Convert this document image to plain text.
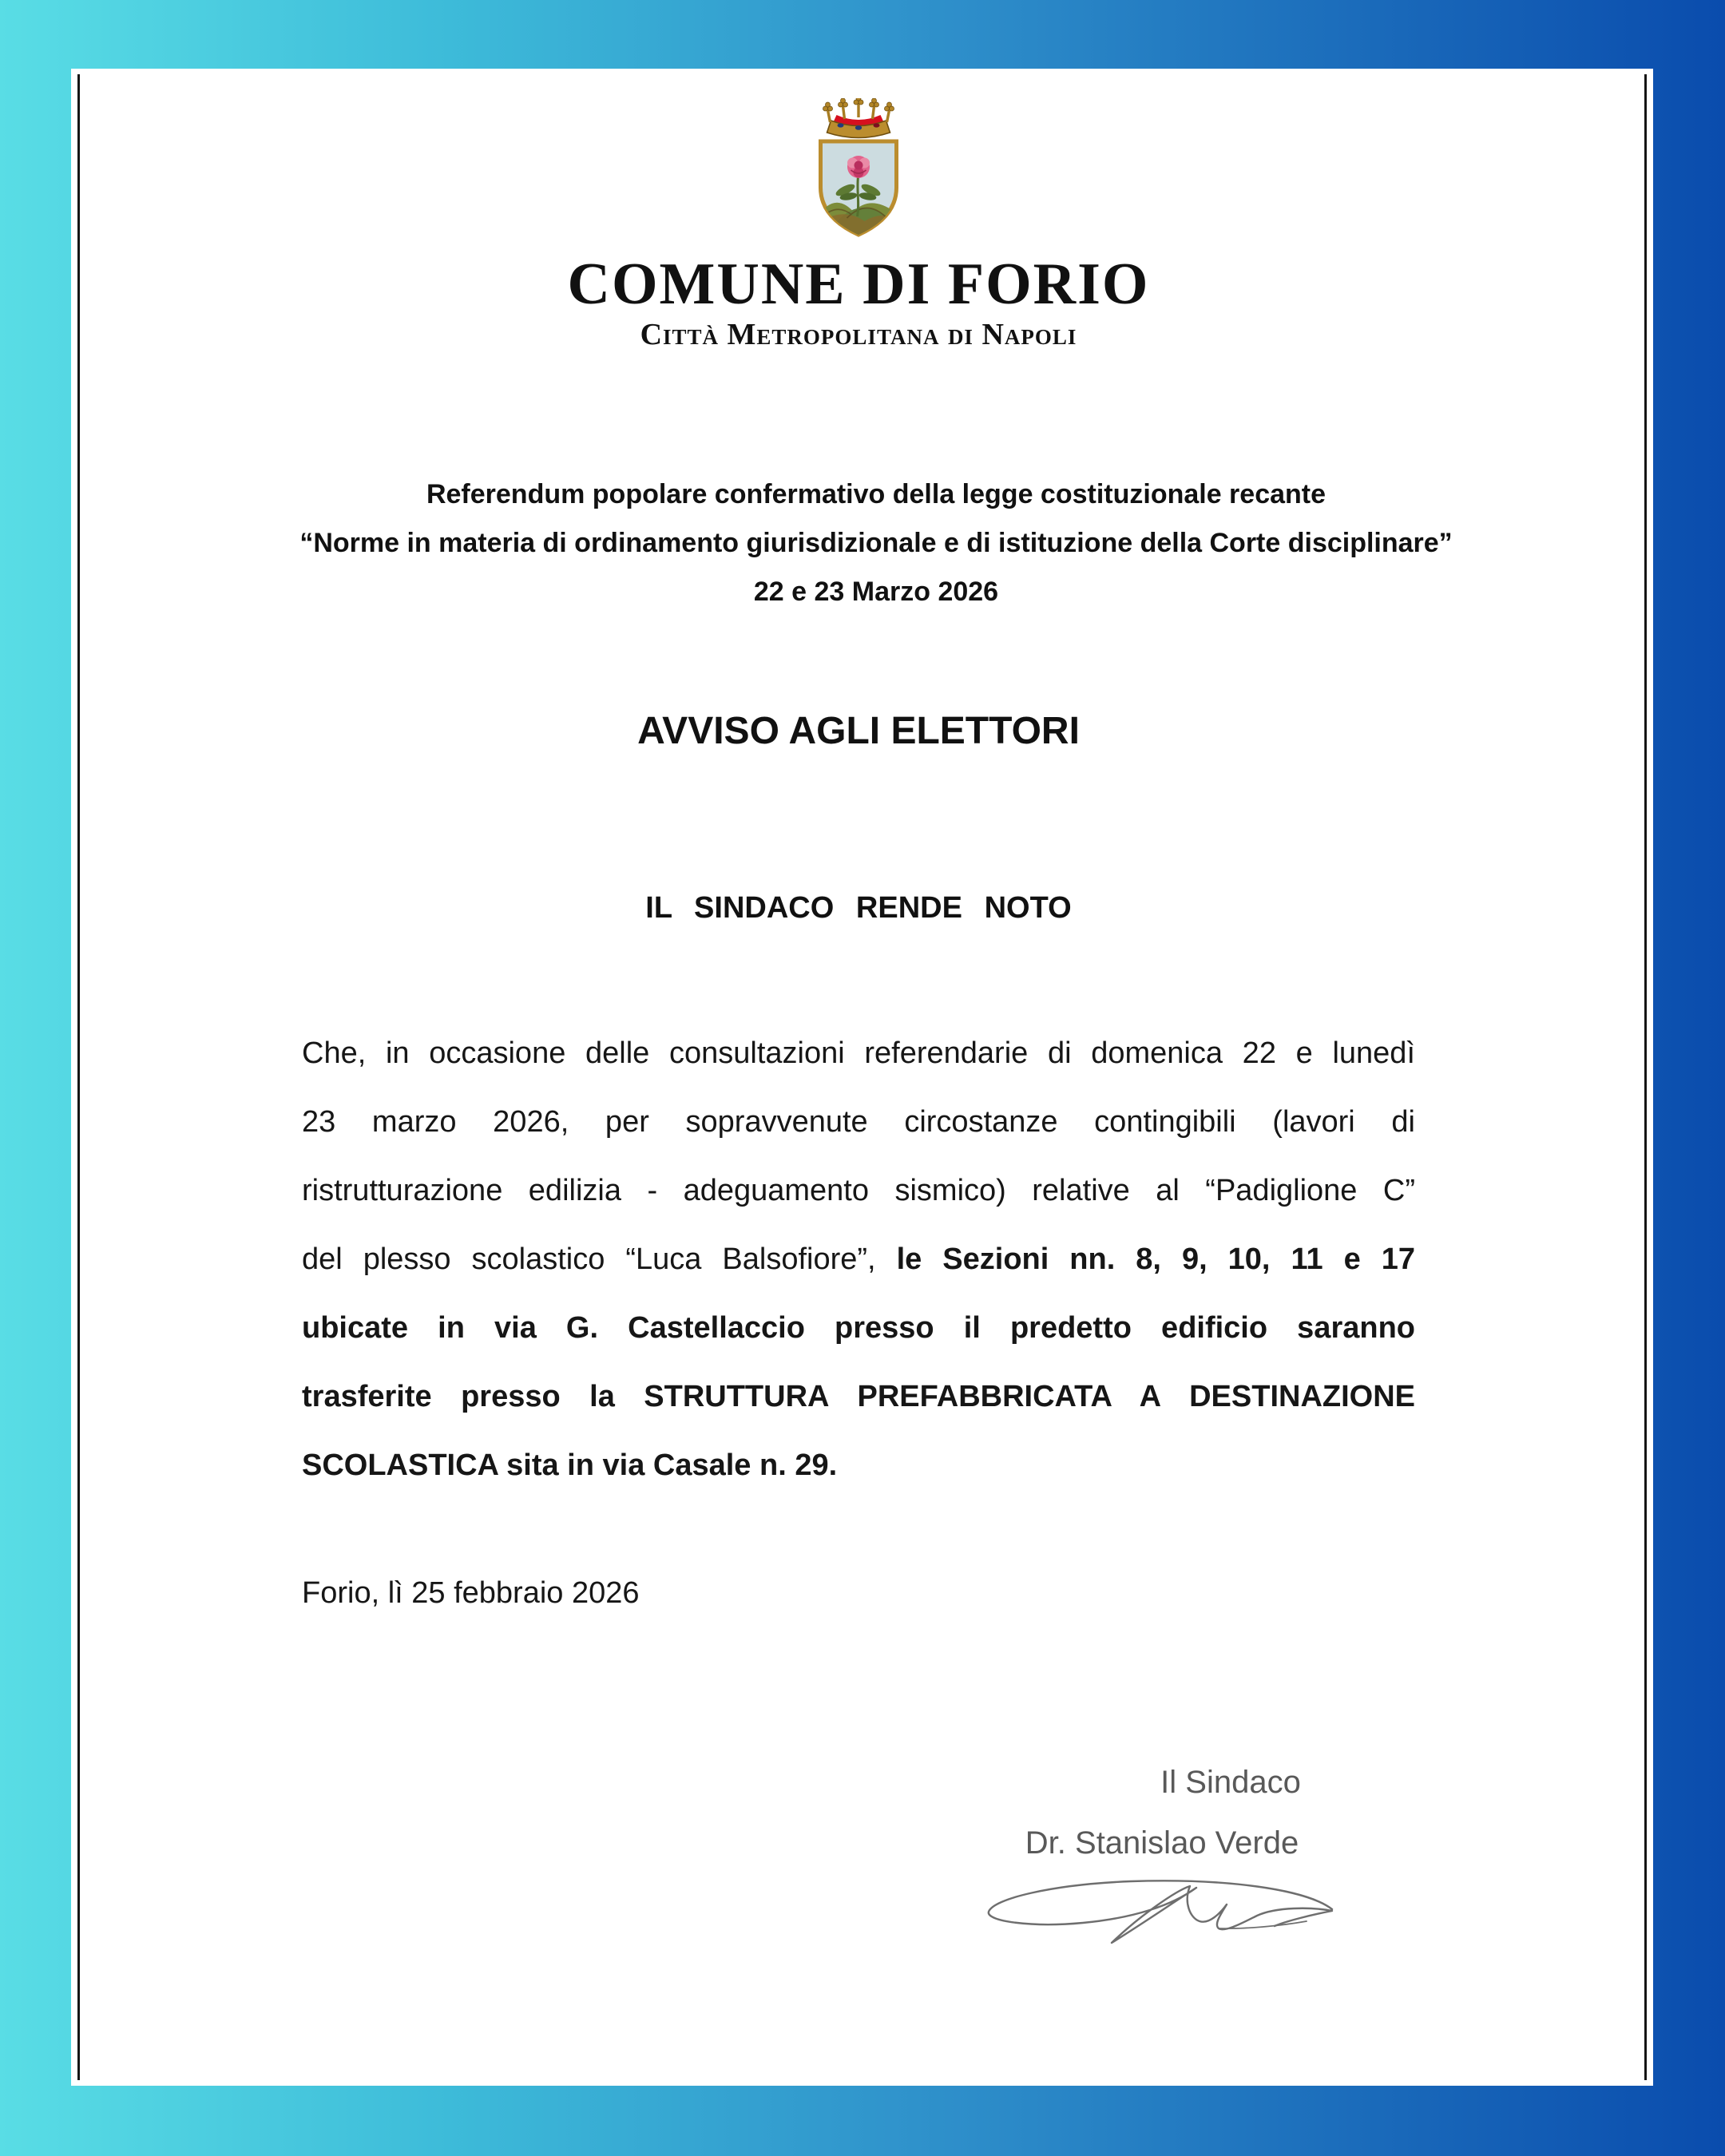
COMUNE DI FORIO
Città Metropolitana di Napoli
Referendum popolare confermativo della legge costituzionale recante
“Norme in materia di ordinamento giurisdizionale e di istituzione della Corte disciplinare”
22 e 23 Marzo 2026
AVVISO AGLI ELETTORI
IL SINDACO RENDE NOTO
Che, in occasione delle consultazioni referendarie di domenica 22 e lunedì
23 marzo 2026, per sopravvenute circostanze contingibili (lavori di
ristrutturazione edilizia - adeguamento sismico) relative al “Padiglione C”
del plesso scolastico “Luca Balsofiore”, le Sezioni nn. 8, 9, 10, 11 e 17
ubicate in via G. Castellaccio presso il predetto edificio saranno
trasferite presso la STRUTTURA PREFABBRICATA A DESTINAZIONE
SCOLASTICA sita in via Casale n. 29.
Forio, lì 25 febbraio 2026
Il Sindaco
Dr. Stanislao Verde
